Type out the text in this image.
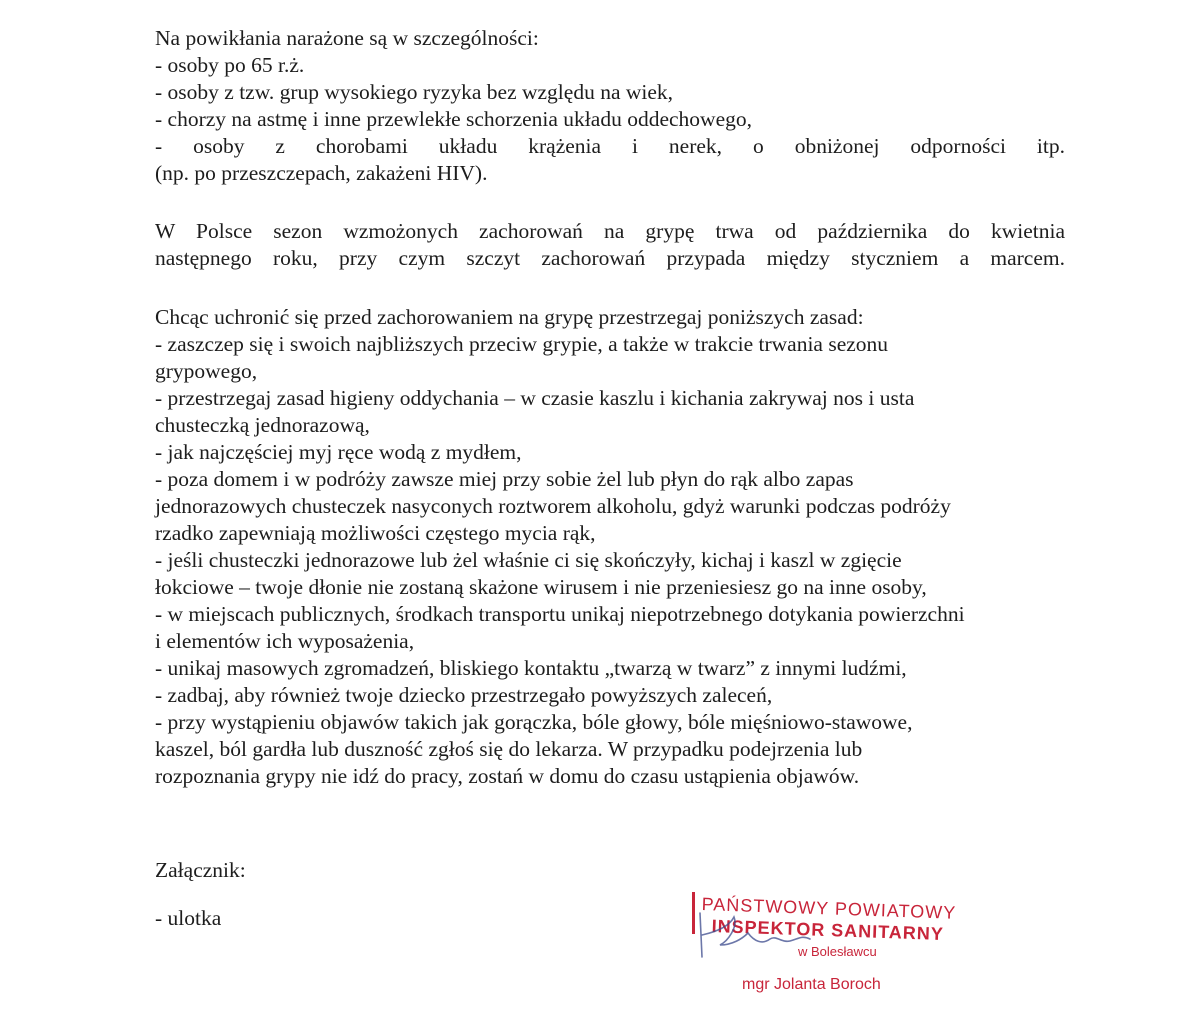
Na powikłania narażone są w szczególności:
- osoby po 65 r.ż.
- osoby z tzw. grup wysokiego ryzyka bez względu na wiek,
- chorzy na astmę i inne przewlekłe schorzenia układu oddechowego,
- osoby z chorobami układu krążenia i nerek, o obniżonej odporności itp.
(np. po przeszczepach, zakażeni HIV).
W Polsce sezon wzmożonych zachorowań na grypę trwa od października do kwietnia
następnego roku, przy czym szczyt zachorowań przypada między styczniem a marcem.
Chcąc uchronić się przed zachorowaniem na grypę przestrzegaj poniższych zasad:
- zaszczep się i swoich najbliższych przeciw grypie, a także w trakcie trwania sezonu
grypowego,
- przestrzegaj zasad higieny oddychania – w czasie kaszlu i kichania zakrywaj nos i usta
chusteczką jednorazową,
- jak najczęściej myj ręce wodą z mydłem,
- poza domem i w podróży zawsze miej przy sobie żel lub płyn do rąk albo zapas
jednorazowych chusteczek nasyconych roztworem alkoholu, gdyż warunki podczas podróży
rzadko zapewniają możliwości częstego mycia rąk,
- jeśli chusteczki jednorazowe lub żel właśnie ci się skończyły, kichaj i kaszl w zgięcie
łokciowe – twoje dłonie nie zostaną skażone wirusem i nie przeniesiesz go na inne osoby,
- w miejscach publicznych, środkach transportu unikaj niepotrzebnego dotykania powierzchni
i elementów ich wyposażenia,
- unikaj masowych zgromadzeń, bliskiego kontaktu „twarzą w twarz” z innymi ludźmi,
- zadbaj, aby również twoje dziecko przestrzegało powyższych zaleceń,
- przy wystąpieniu objawów takich jak gorączka, bóle głowy, bóle mięśniowo-stawowe,
kaszel, ból gardła lub duszność zgłoś się do lekarza. W przypadku podejrzenia lub
rozpoznania grypy nie idź do pracy, zostań w domu do czasu ustąpienia objawów.
Załącznik:
- ulotka	PAŃSTWOWY POWIATOWY
INSPEKTOR SANITARNY
w Bolesławcu
mgr Jolanta Boroch
